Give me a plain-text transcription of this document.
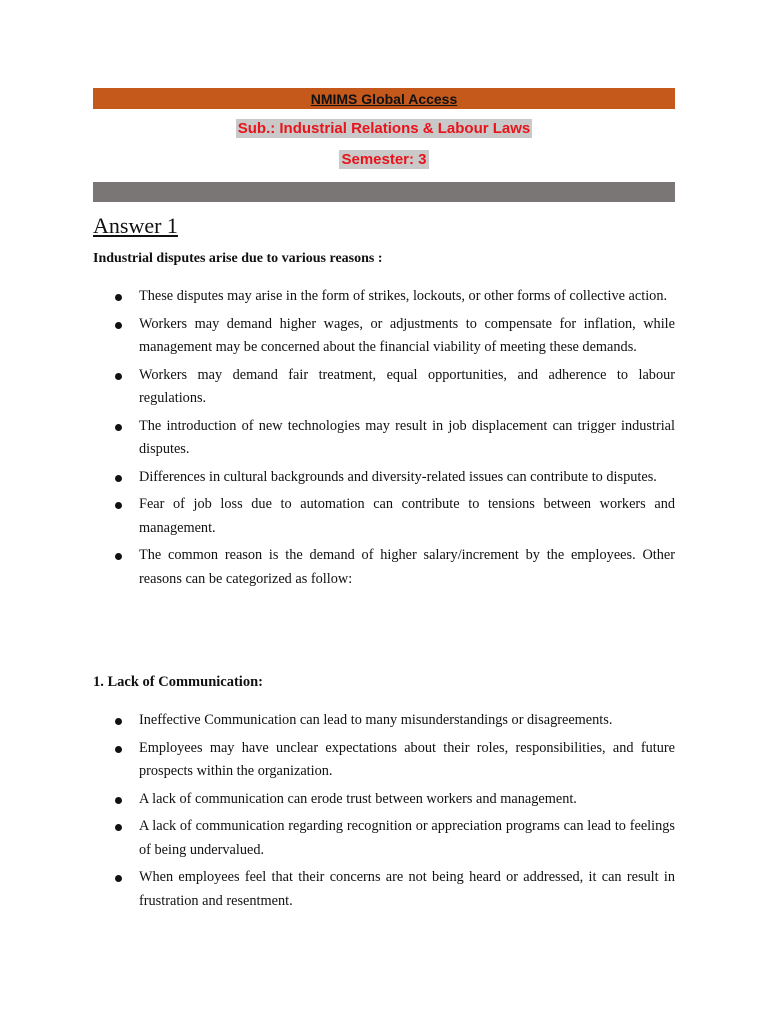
NMIMS Global Access
Sub.: Industrial Relations & Labour Laws
Semester: 3
Answer 1
Industrial disputes arise due to various reasons :
These disputes may arise in the form of strikes, lockouts, or other forms of collective action.
Workers may demand higher wages, or adjustments to compensate for inflation, while management may be concerned about the financial viability of meeting these demands.
Workers may demand fair treatment, equal opportunities, and adherence to labour regulations.
The introduction of new technologies may result in job displacement can trigger industrial disputes.
Differences in cultural backgrounds and diversity-related issues can contribute to disputes.
Fear of job loss due to automation can contribute to tensions between workers and management.
The common reason is the demand of higher salary/increment by the employees. Other reasons can be categorized as follow:
1. Lack of Communication:
Ineffective Communication can lead to many misunderstandings or disagreements.
Employees may have unclear expectations about their roles, responsibilities, and future prospects within the organization.
A lack of communication can erode trust between workers and management.
A lack of communication regarding recognition or appreciation programs can lead to feelings of being undervalued.
When employees feel that their concerns are not being heard or addressed, it can result in frustration and resentment.
